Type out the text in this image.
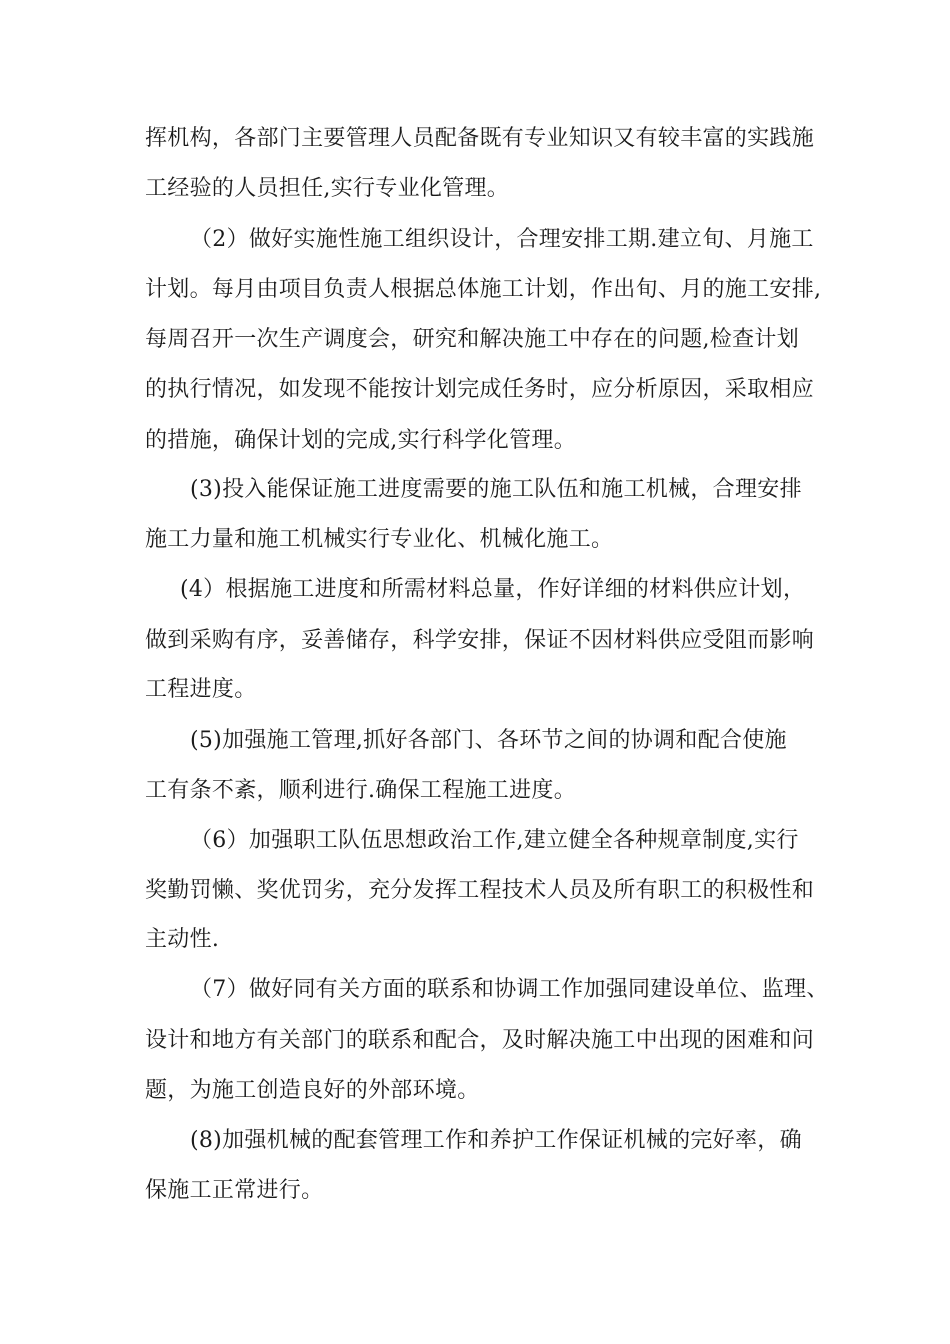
挥机构，各部门主要管理人员配备既有专业知识又有较丰富的实践施
工经验的人员担任,实行专业化管理。
（2）做好实施性施工组织设计，合理安排工期.建立旬、月施工
计划。每月由项目负责人根据总体施工计划，作出旬、月的施工安排,
每周召开一次生产调度会，研究和解决施工中存在的问题,检查计划
的执行情况，如发现不能按计划完成任务时，应分析原因，采取相应
的措施，确保计划的完成,实行科学化管理。
(3)投入能保证施工进度需要的施工队伍和施工机械，合理安排
施工力量和施工机械实行专业化、机械化施工。
(4）根据施工进度和所需材料总量，作好详细的材料供应计划，
做到采购有序，妥善储存，科学安排，保证不因材料供应受阻而影响
工程进度。
(5)加强施工管理,抓好各部门、各环节之间的协调和配合使施
工有条不紊，顺利进行.确保工程施工进度。
（6）加强职工队伍思想政治工作,建立健全各种规章制度,实行
奖勤罚懒、奖优罚劣，充分发挥工程技术人员及所有职工的积极性和
主动性.
（7）做好同有关方面的联系和协调工作加强同建设单位、监理、
设计和地方有关部门的联系和配合，及时解决施工中出现的困难和问
题，为施工创造良好的外部环境。
(8)加强机械的配套管理工作和养护工作保证机械的完好率，确
保施工正常进行。
